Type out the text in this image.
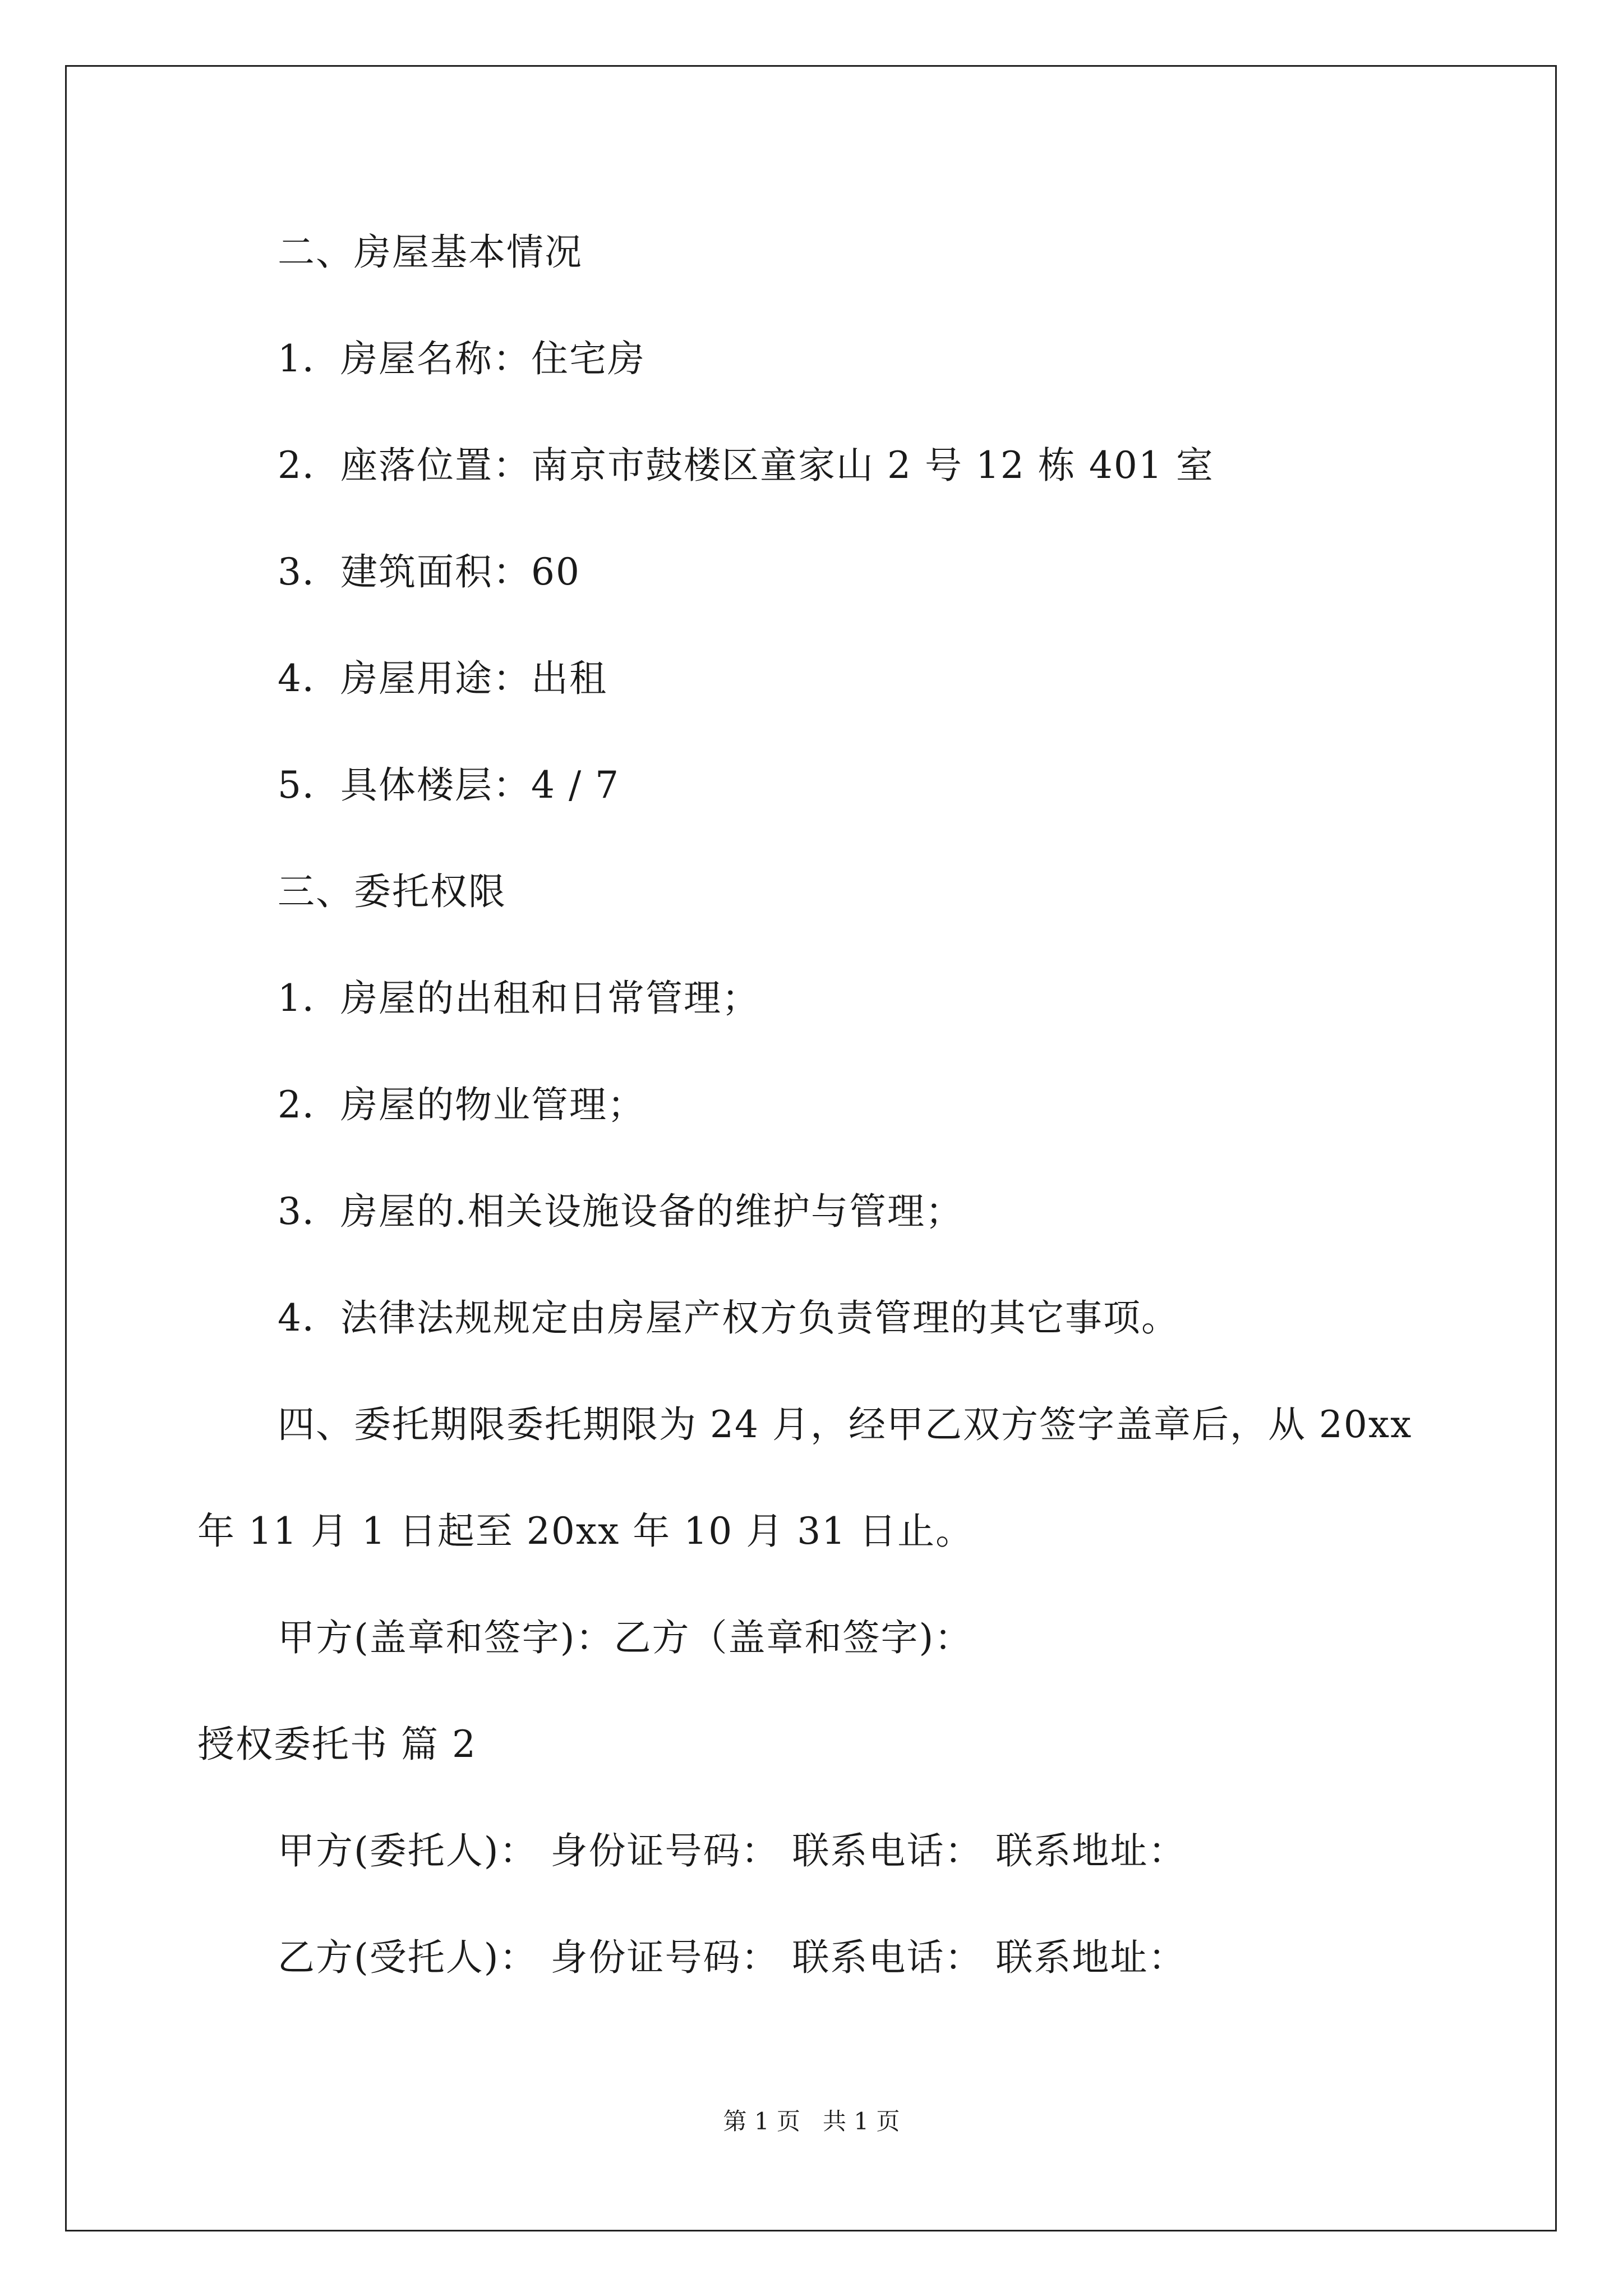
二、房屋基本情况
1．房屋名称：住宅房
2．座落位置：南京市鼓楼区童家山 2 号 12 栋 401 室
3．建筑面积：60
4．房屋用途：出租
5．具体楼层：4 / 7
三、委托权限
1．房屋的出租和日常管理；
2．房屋的物业管理；
3．房屋的.相关设施设备的维护与管理；
4．法律法规规定由房屋产权方负责管理的其它事项。
四、委托期限委托期限为 24 月，经甲乙双方签字盖章后，从 20xx
年 11 月 1 日起至 20xx 年 10 月 31 日止。
甲方(盖章和签字)：乙方（盖章和签字)：
授权委托书 篇 2
甲方(委托人)： 身份证号码： 联系电话： 联系地址：
乙方(受托人)： 身份证号码： 联系电话： 联系地址：
第 1 页   共 1 页
